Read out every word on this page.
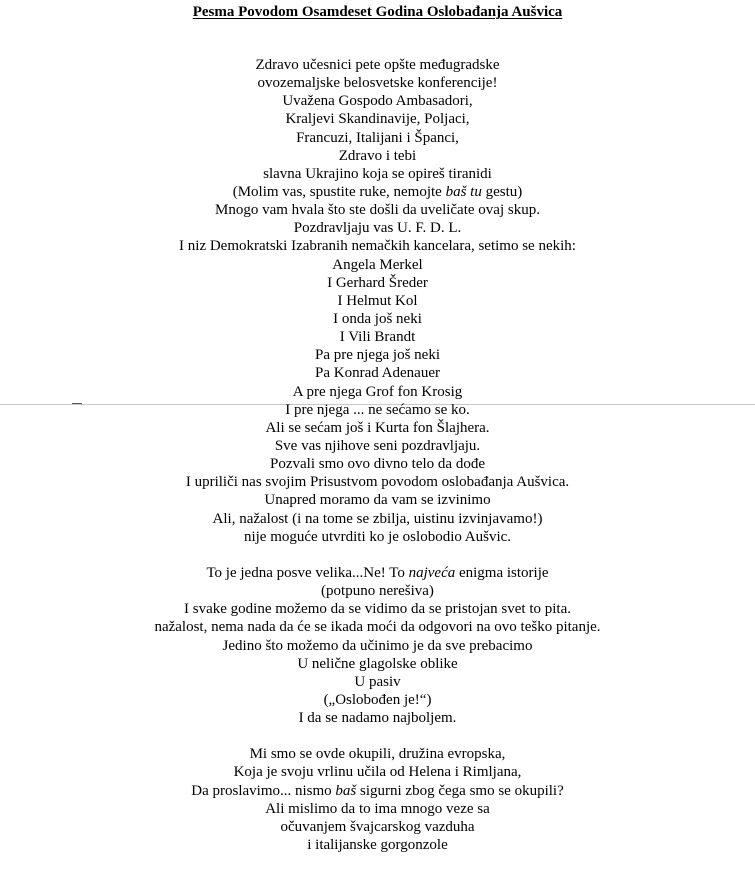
Pesma Povodom Osamdeset Godina Oslobađanja Aušvica
Zdravo učesnici pete opšte međugradske
ovozemaljske belosvetske konferencije!
Uvažena Gospodo Ambasadori,
Kraljevi Skandinavije, Poljaci,
Francuzi, Italijani i Španci,
Zdravo i tebi
slavna Ukrajino koja se opireš tiranidi
(Molim vas, spustite ruke, nemojte baš tu gestu)
Mnogo vam hvala što ste došli da uveličate ovaj skup.
Pozdravljaju vas U. F. D. L.
I niz Demokratski Izabranih nemačkih kancelara, setimo se nekih:
Angela Merkel
I Gerhard Šreder
I Helmut Kol
I onda još neki
I Vili Brandt
Pa pre njega još neki
Pa Konrad Adenauer
A pre njega Grof fon Krosig
I pre njega ... ne sećamo se ko.
Ali se sećam još i Kurta fon Šlajhera.
Sve vas njihove seni pozdravljaju.
Pozvali smo ovo divno telo da dođe
I upriliči nas svojim Prisustvom povodom oslobađanja Aušvica.
Unapred moramo da vam se izvinimo
Ali, nažalost (i na tome se zbilja, uistinu izvinjavamo!)
nije moguće utvrditi ko je oslobodio Aušvic.
To je jedna posve velika...Ne! To najveća enigma istorije
(potpuno nerešiva)
I svake godine možemo da se vidimo da se pristojan svet to pita.
nažalost, nema nada da će se ikada moći da odgovori na ovo teško pitanje.
Jedino što možemo da učinimo je da sve prebacimo
U nelične glagolske oblike
U pasiv
(„Oslobođen je!“)
I da se nadamo najboljem.
Mi smo se ovde okupili, družina evropska,
Koja je svoju vrlinu učila od Helena i Rimljana,
Da proslavimo... nismo baš sigurni zbog čega smo se okupili?
Ali mislimo da to ima mnogo veze sa
očuvanjem švajcarskog vazduha
i italijanske gorgonzole
